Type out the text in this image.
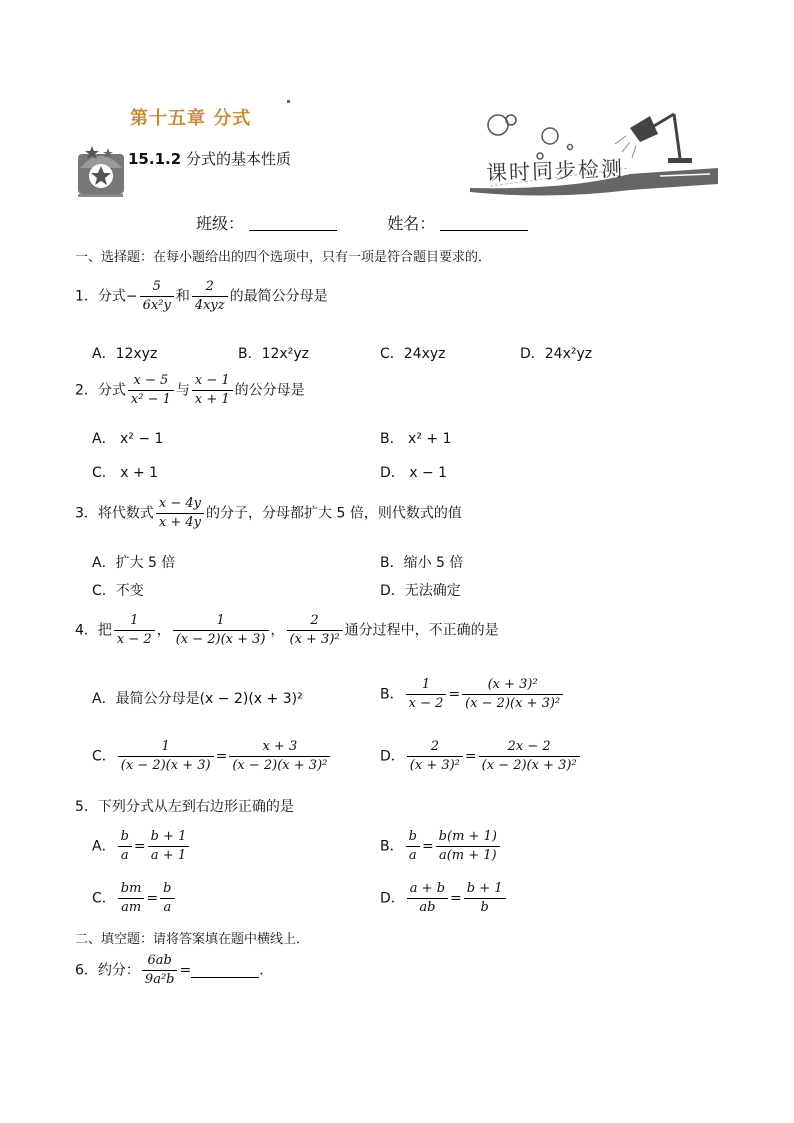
第十五章 分式
15.1.2 分式的基本性质	课时同步检测
班级：	姓名：
一、选择题：在每小题给出的四个选项中，只有一项是符合题目要求的．
1．分式− $\frac{5}{\text{6x²y}}$ 和 $\frac{2}{\text{4xyz}}$ 的最简公分母是
A．12xyz	B．12x²yz	C．24xyz	D．24x²yz
2．分式 $\frac{x - 5}{\text{x² − 1}}$ 与 $\frac{x - 1}{x + 1}$ 的公分母是
A． x² − 1	B． x² + 1
C． x + 1	D． x − 1
3．将代数式 $\frac{x - 4y}{x + 4y}$ 的分子，分母都扩大 5 倍，则代数式的值
A．扩大 5 倍	B．缩小 5 倍
C．不变	D．无法确定
4．把 $\frac{1}{x - 2}$ ， $\frac{1}{(x - 2)(x + 3)}$ ， $\frac{2}{\text{(x + 3)²}}$ 通分过程中，不正确的是
A．最简公分母是(x − 2)(x + 3)²	B． $\frac{1}{x - 2} = \frac{\text{(x + 3)²}}{\text{(x − 2)(x + 3)²}}$
C． $\frac{1}{(x - 2)(x + 3)} = \frac{x + 3}{\text{(x − 2)(x + 3)²}}$	D． $\frac{2}{\text{(x + 3)²}} = \frac{2x - 2}{\text{(x − 2)(x + 3)²}}$
5．下列分式从左到右边形正确的是
A． $\frac{b}{a} = \frac{b + 1}{a + 1}$	B． $\frac{b}{a} = \frac{b(m + 1)}{a(m + 1)}$
C． $\frac{bm}{am} = \frac{b}{a}$	D． $\frac{a + b}{ab} = \frac{b + 1}{b}$
二、填空题：请将答案填在题中横线上．
6．约分： $\frac{6ab}{\text{9a²b}}$ =	．
